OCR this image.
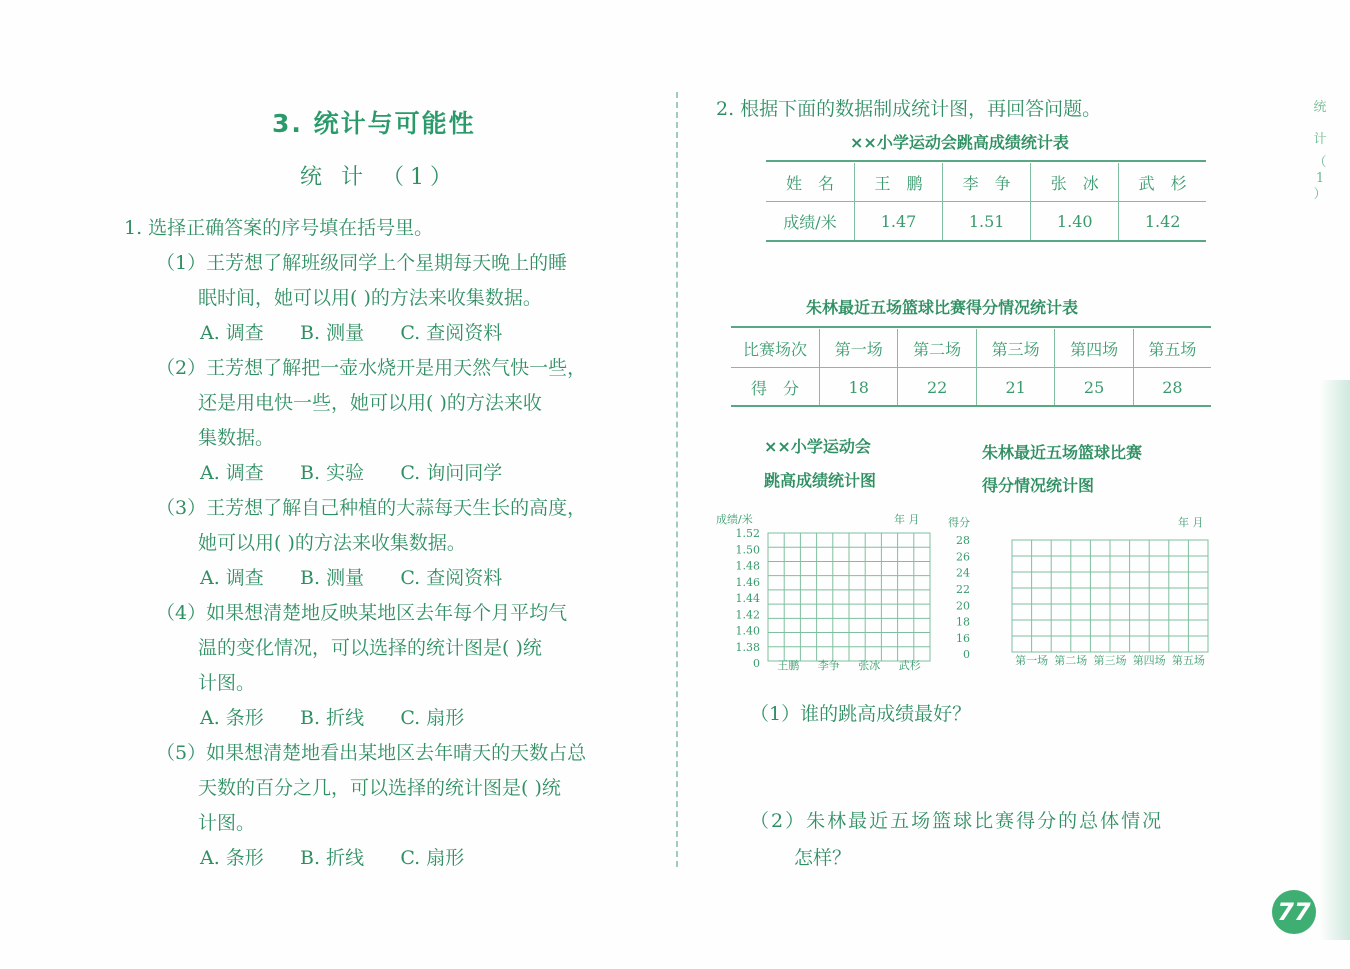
3. 统计与可能性
统 计 （1）
1. 选择正确答案的序号填在括号里。
（1）王芳想了解班级同学上个星期每天晚上的睡
眠时间，她可以用( )的方法来收集数据。
A. 调查      B. 测量      C. 查阅资料
（2）王芳想了解把一壶水烧开是用天然气快一些，
还是用电快一些，她可以用( )的方法来收
集数据。
A. 调查      B. 实验      C. 询问同学
（3）王芳想了解自己种植的大蒜每天生长的高度，
她可以用( )的方法来收集数据。
A. 调查      B. 测量      C. 查阅资料
（4）如果想清楚地反映某地区去年每个月平均气
温的变化情况，可以选择的统计图是( )统
计图。
A. 条形      B. 折线      C. 扇形
（5）如果想清楚地看出某地区去年晴天的天数占总
天数的百分之几，可以选择的统计图是( )统
计图。
A. 条形      B. 折线      C. 扇形
2. 根据下面的数据制成统计图，再回答问题。
××小学运动会跳高成绩统计表
姓　名	王　鹏	李　争	张　冰	武　杉
成绩/米	1.47	1.51	1.40	1.42
朱林最近五场篮球比赛得分情况统计表
比赛场次	第一场	第二场	第三场	第四场	第五场
得　分	18	22	21	25	28
××小学运动会
跳高成绩统计图
朱林最近五场篮球比赛
得分情况统计图
成绩/米	年 月
1.52
1.50
1.48
1.46
1.44
1.42
1.40
1.38
0 王鹏 李争 张冰 武杉
得分	年 月
28
26
24
22
20
18
16
0	第一场 第二场 第三场 第四场 第五场
（1）谁的跳高成绩最好？
（2）朱林最近五场篮球比赛得分的总体情况
怎样？
统
计
（
1
）
77
